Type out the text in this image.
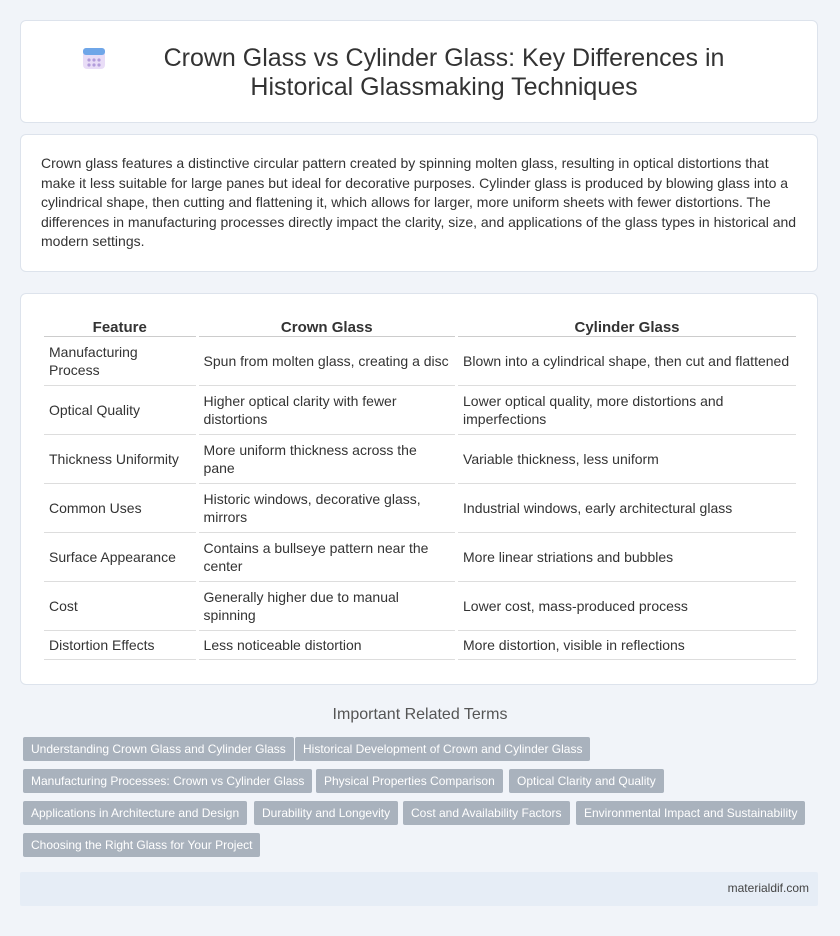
Crown Glass vs Cylinder Glass: Key Differences in Historical Glassmaking Techniques

Crown glass features a distinctive circular pattern created by spinning molten glass, resulting in optical distortions that make it less suitable for large panes but ideal for decorative purposes. Cylinder glass is produced by blowing glass into a cylindrical shape, then cutting and flattening it, which allows for larger, more uniform sheets with fewer distortions. The differences in manufacturing processes directly impact the clarity, size, and applications of the glass types in historical and modern settings.

Feature	Crown Glass	Cylinder Glass
Manufacturing Process	Spun from molten glass, creating a disc	Blown into a cylindrical shape, then cut and flattened
Optical Quality	Higher optical clarity with fewer distortions	Lower optical quality, more distortions and imperfections
Thickness Uniformity	More uniform thickness across the pane	Variable thickness, less uniform
Common Uses	Historic windows, decorative glass, mirrors	Industrial windows, early architectural glass
Surface Appearance	Contains a bullseye pattern near the center	More linear striations and bubbles
Cost	Generally higher due to manual spinning	Lower cost, mass-produced process
Distortion Effects	Less noticeable distortion	More distortion, visible in reflections
Important Related Terms
Understanding Crown Glass and Cylinder Glass	Historical Development of Crown and Cylinder Glass
Manufacturing Processes: Crown vs Cylinder Glass	Physical Properties Comparison	Optical Clarity and Quality
Applications in Architecture and Design	Durability and Longevity	Cost and Availability Factors	Environmental Impact and Sustainability
Choosing the Right Glass for Your Project
materialdif.com
